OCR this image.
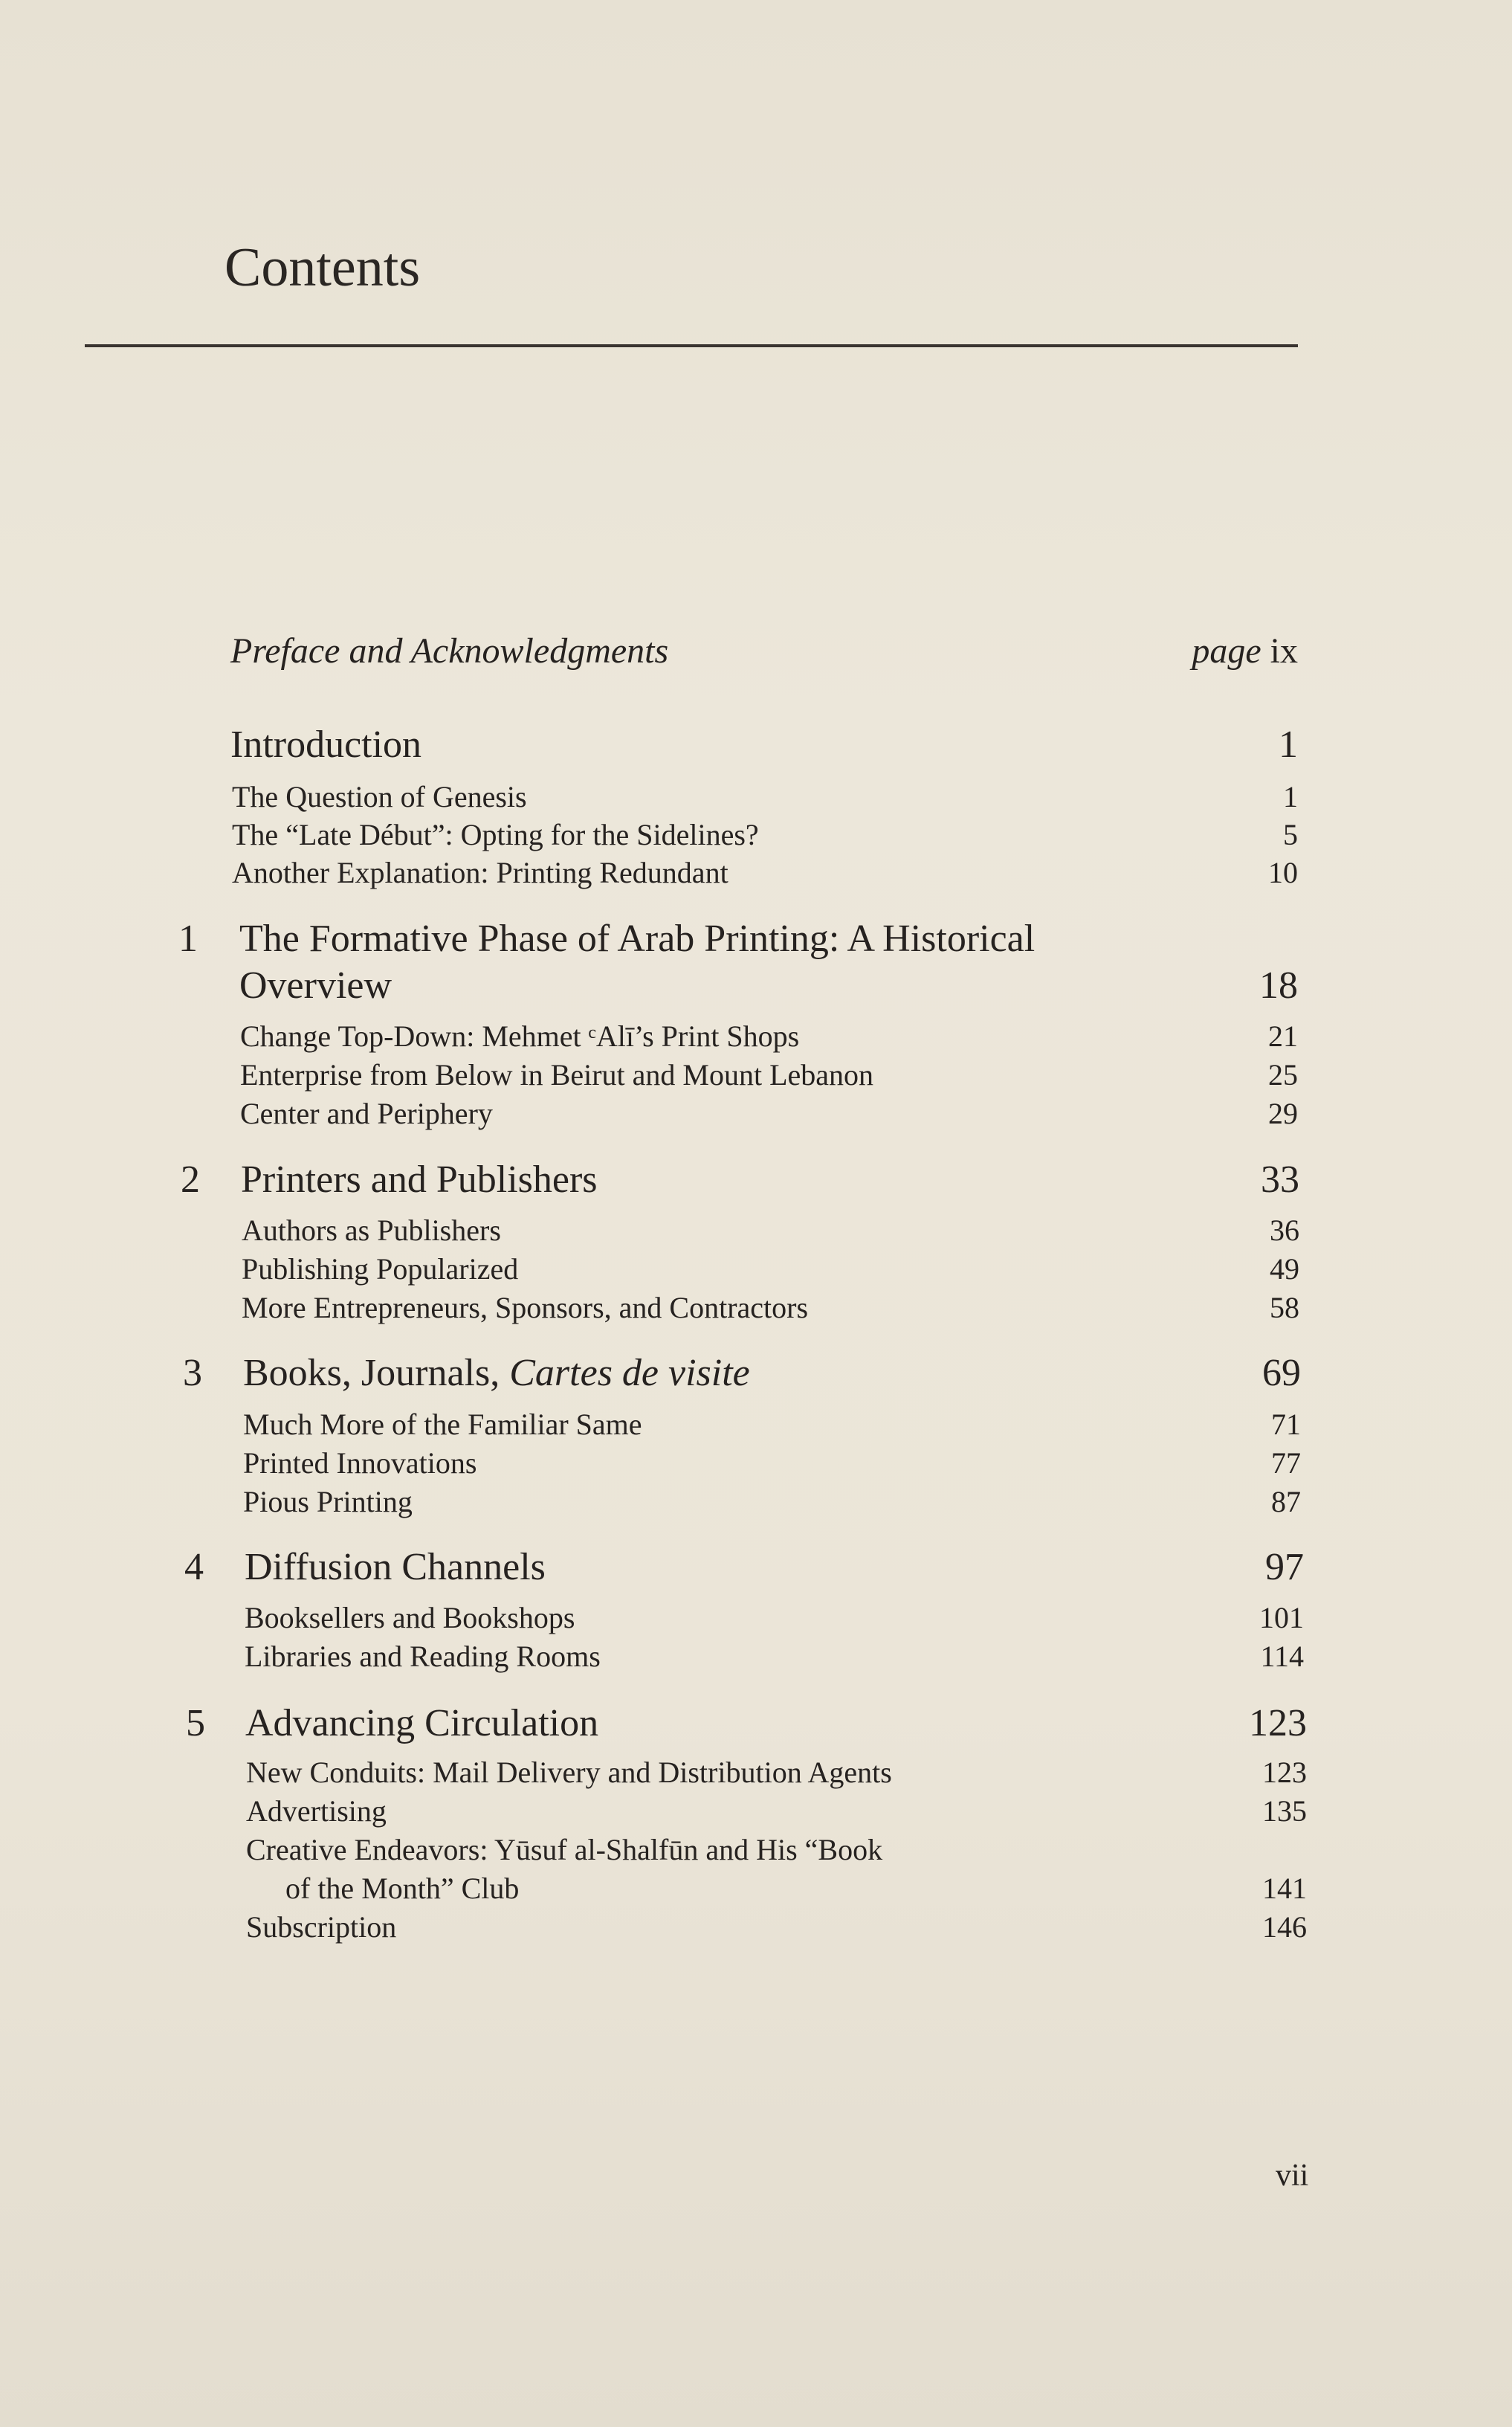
Contents
Preface and Acknowledgments	page ix
Introduction	1
The Question of Genesis	1
The “Late Début”: Opting for the Sidelines?	5
Another Explanation: Printing Redundant	10
1 The Formative Phase of Arab Printing: A Historical
Overview	18
Change Top-Down: Mehmet ᶜAlī’s Print Shops	21
Enterprise from Below in Beirut and Mount Lebanon	25
Center and Periphery	29
2 Printers and Publishers	33
Authors as Publishers	36
Publishing Popularized	49
More Entrepreneurs, Sponsors, and Contractors	58
3 Books, Journals, Cartes de visite	69
Much More of the Familiar Same	71
Printed Innovations	77
Pious Printing	87
4 Diffusion Channels	97
Booksellers and Bookshops	101
Libraries and Reading Rooms	114
5 Advancing Circulation	123
New Conduits: Mail Delivery and Distribution Agents	123
Advertising	135
Creative Endeavors: Yūsuf al-Shalfūn and His “Book
of the Month” Club	141
Subscription	146
vii
